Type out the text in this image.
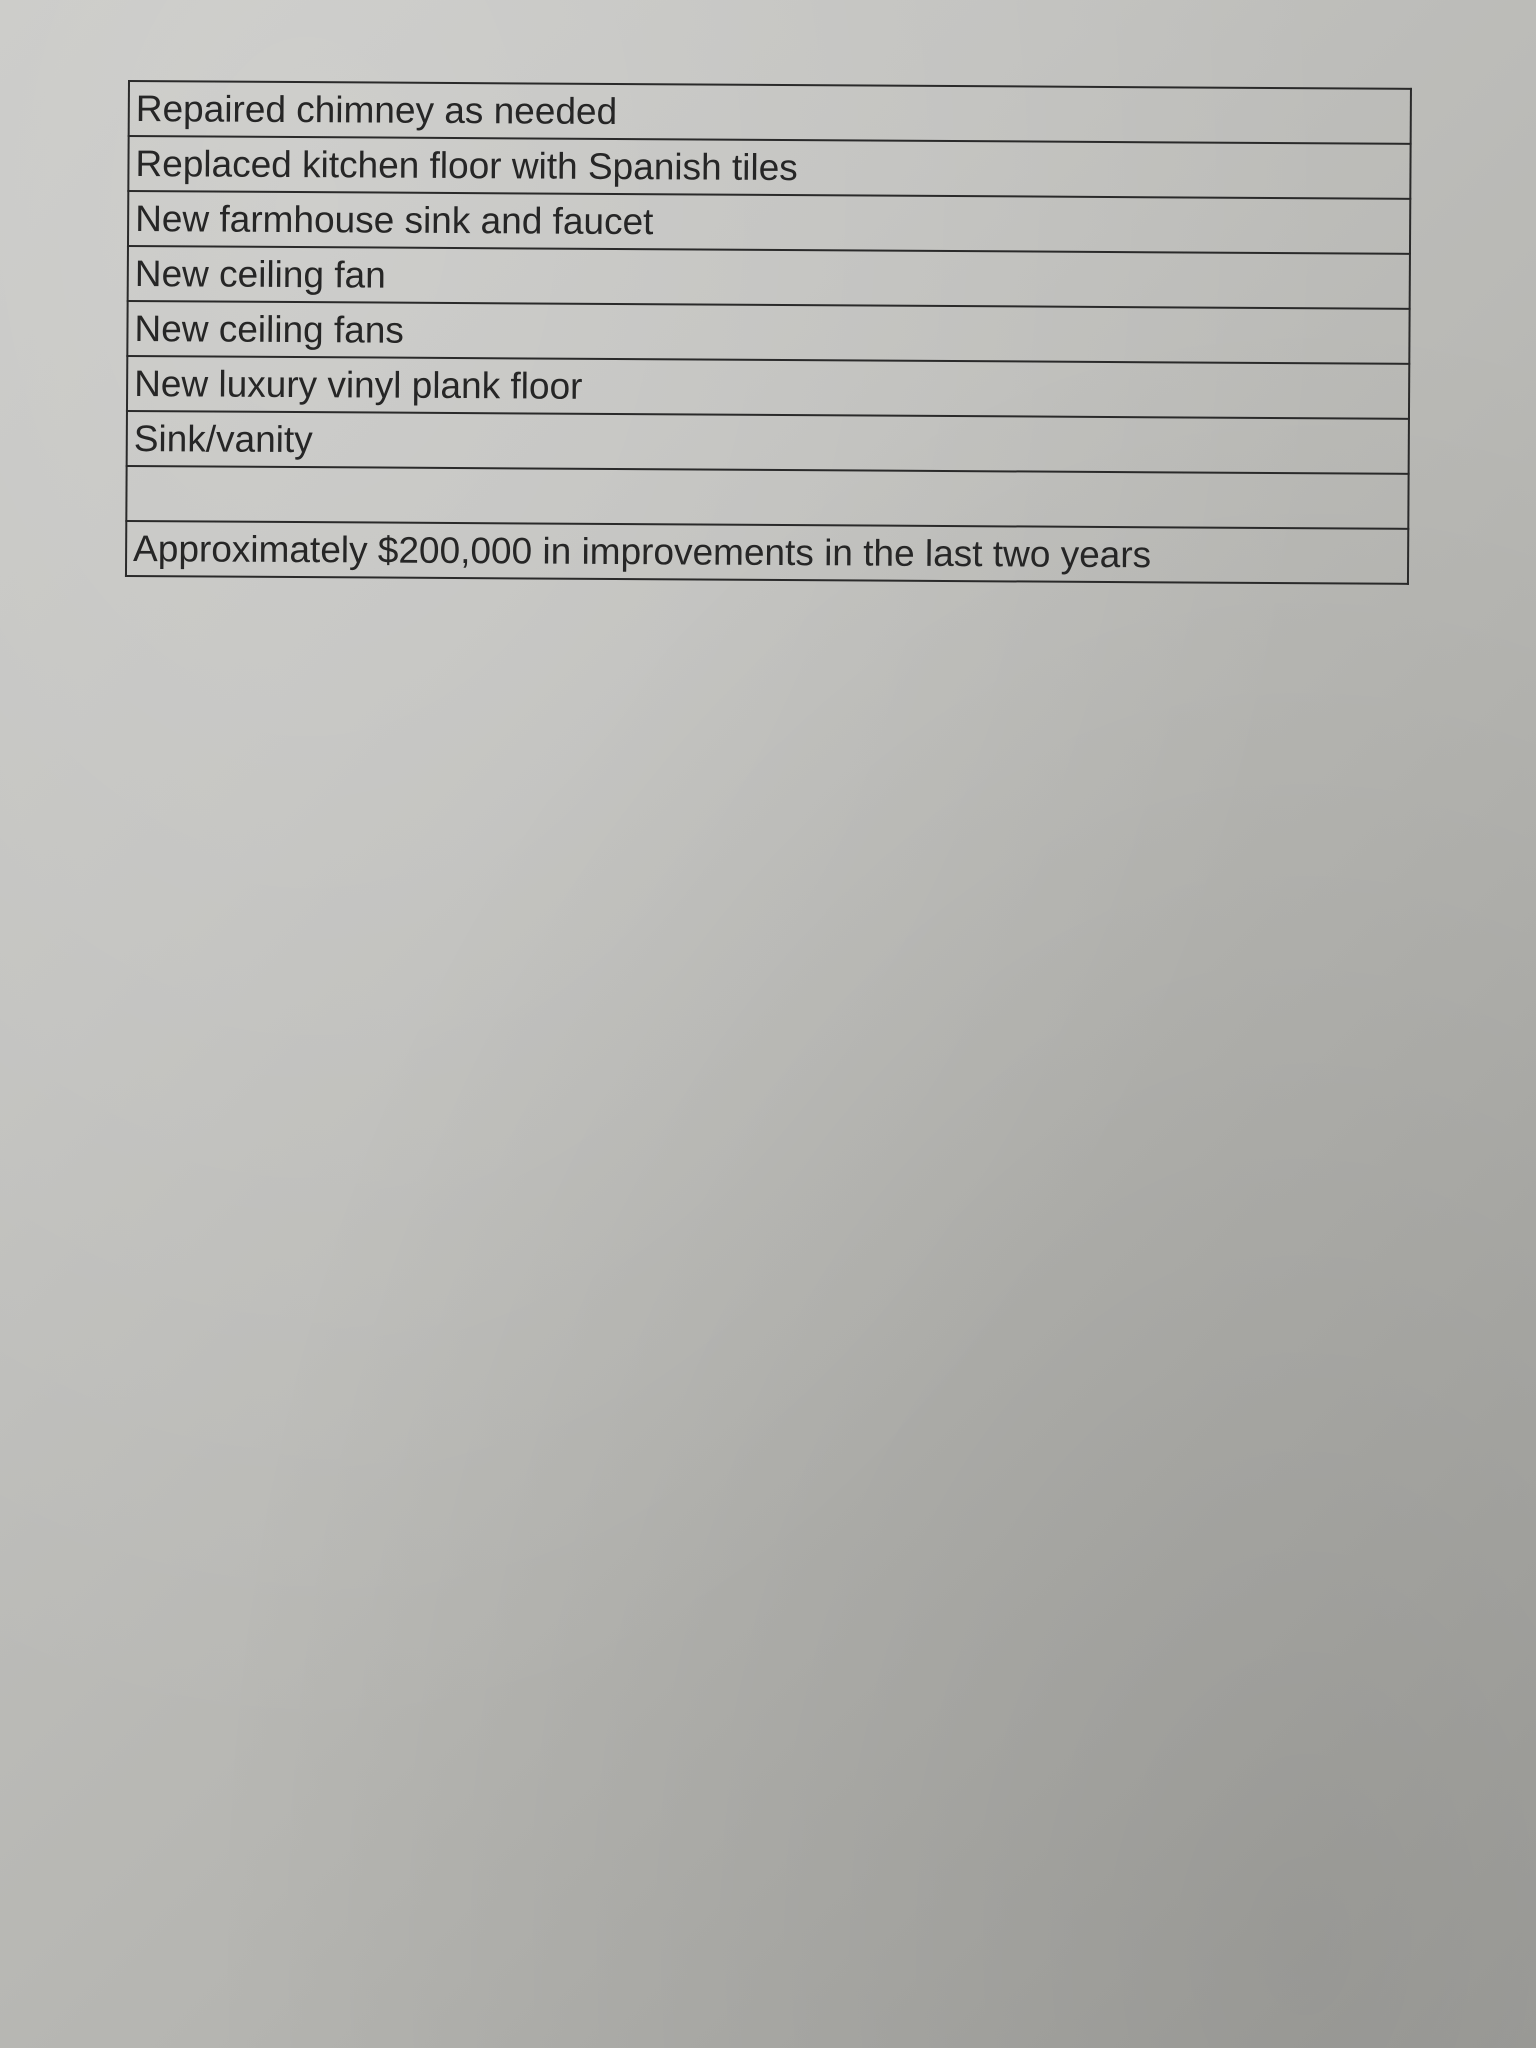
Repaired chimney as needed
Replaced kitchen floor with Spanish tiles
New farmhouse sink and faucet
New ceiling fan
New ceiling fans
New luxury vinyl plank floor
Sink/vanity

Approximately $200,000 in improvements in the last two years
